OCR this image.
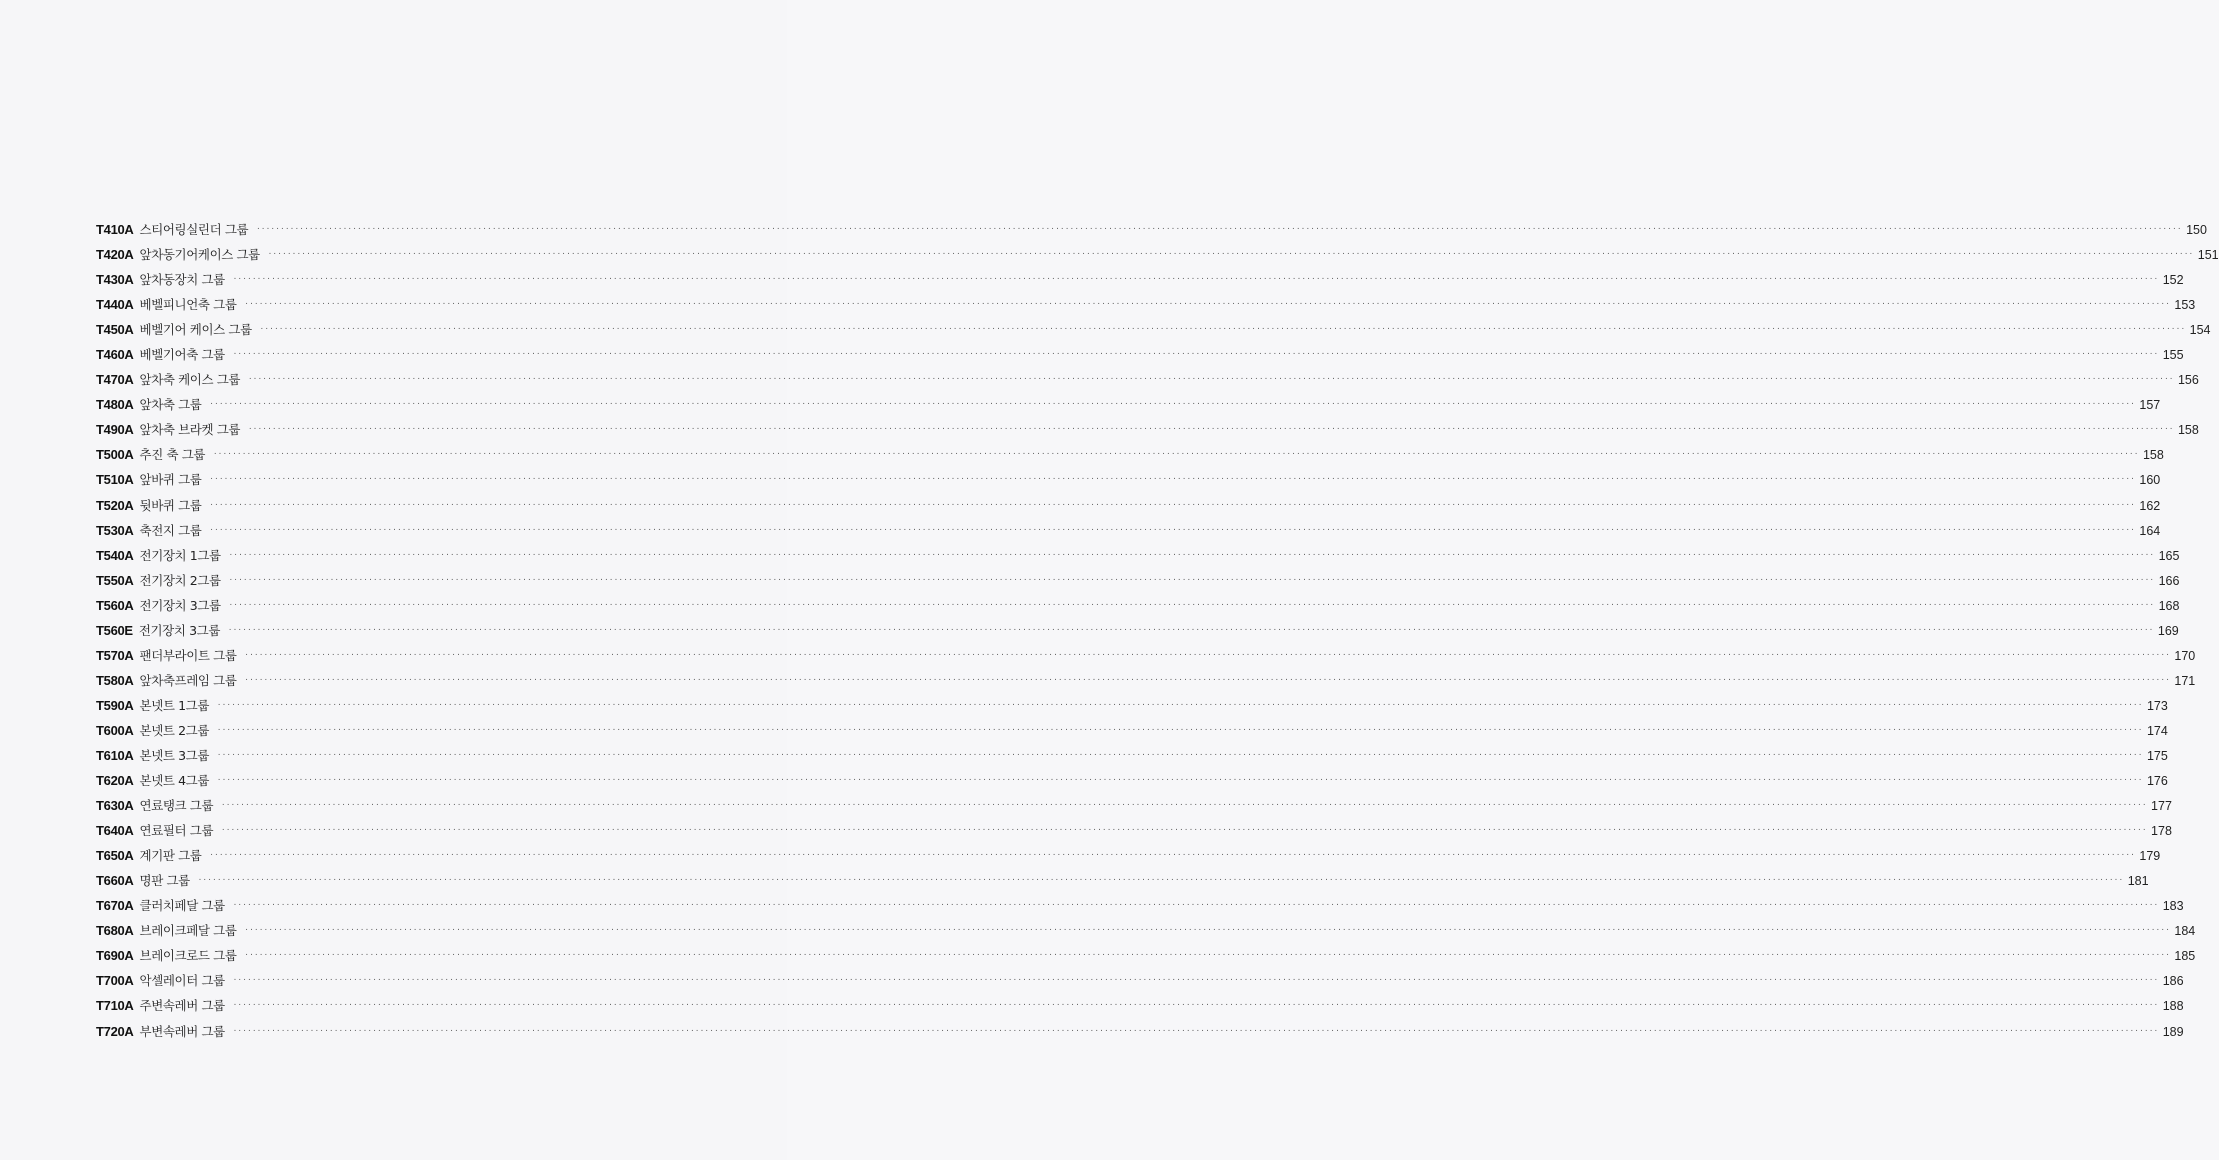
T410A 스티어링실린더 그룹 ················································································································································································································································································································································································································ 150
T420A 앞차동기어케이스 그룹 ················································································································································································································································································································································································································ 151
T430A 앞차동장치 그룹 ················································································································································································································································································································································································································ 152
T440A 베벨피니언축 그룹 ················································································································································································································································································································································································································ 153
T450A 베벨기어 케이스 그룹 ················································································································································································································································································································································································································ 154
T460A 베벨기어축 그룹 ················································································································································································································································································································································································································ 155
T470A 앞차축 케이스 그룹 ················································································································································································································································································································································································································ 156
T480A 앞차축 그룹 ················································································································································································································································································································································································································ 157
T490A 앞차축 브라켓 그룹 ················································································································································································································································································································································································································ 158
T500A 추진 축 그룹 ················································································································································································································································································································································································································ 158
T510A 앞바퀴 그룹 ················································································································································································································································································································································································································ 160
T520A 뒷바퀴 그룹 ················································································································································································································································································································································································································ 162
T530A 축전지 그룹 ················································································································································································································································································································································································································ 164
T540A 전기장치 1그룹 ················································································································································································································································································································································································································ 165
T550A 전기장치 2그룹 ················································································································································································································································································································································································································ 166
T560A 전기장치 3그룹 ················································································································································································································································································································································································································ 168
T560E 전기장치 3그룹 ················································································································································································································································································································································································································ 169
T570A 팬더부라이트 그룹 ················································································································································································································································································································································································································ 170
T580A 앞차축프레임 그룹 ················································································································································································································································································································································································································ 171
T590A 본넷트 1그룹 ················································································································································································································································································································································································································ 173
T600A 본넷트 2그룹 ················································································································································································································································································································································································································ 174
T610A 본넷트 3그룹 ················································································································································································································································································································································································································ 175
T620A 본넷트 4그룹 ················································································································································································································································································································································································································ 176
T630A 연료탱크 그룹 ················································································································································································································································································································································································································ 177
T640A 연료필터 그룹 ················································································································································································································································································································································································································ 178
T650A 계기판 그룹 ················································································································································································································································································································································································································ 179
T660A 명판 그룹 ················································································································································································································································································································································································································ 181
T670A 클러치페달 그룹 ················································································································································································································································································································································································································ 183
T680A 브레이크페달 그룹 ················································································································································································································································································································································································································ 184
T690A 브레이크로드 그룹 ················································································································································································································································································································································································································ 185
T700A 악셀레이터 그룹 ················································································································································································································································································································································································································ 186
T710A 주변속레버 그룹 ················································································································································································································································································································································································································ 188
T720A 부변속레버 그룹 ················································································································································································································································································································································································································ 189
